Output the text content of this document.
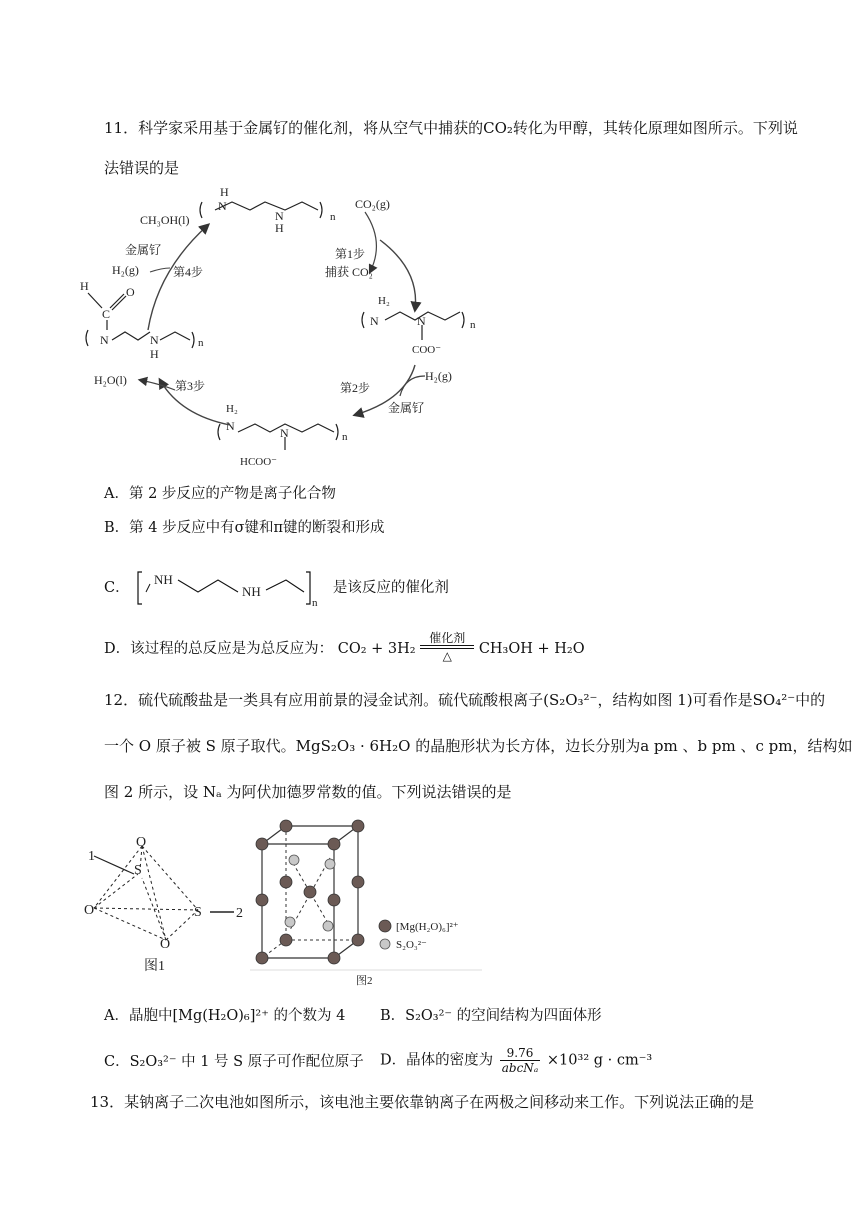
11．科学家采用基于金属钌的催化剂，将从空气中捕获的CO₂转化为甲醇，其转化原理如图所示。下列说
法错误的是
H
N
N
H
n
CO₂(g)
第1步
捕获 CO₂
H₂
N	N	n
COO⁻
H₂(g)
第2步
金属钌
H₂
N	N	n
HCOO⁻
H₂O(l)	第3步
H
C
O
N	N
H
n
CH₃OH(l)
金属钌
H₂(g)	第4步
A．第 2 步反应的产物是离子化合物
B．第 4 步反应中有σ键和π键的断裂和形成
C．
NH
NH
n
是该反应的催化剂
D．该过程的总反应是为总反应为： CO₂ + 3H₂
催化剂
△	CH₃OH + H₂O
12．硫代硫酸盐是一类具有应用前景的浸金试剂。硫代硫酸根离子(S₂O₃²⁻，结构如图 1)可看作是SO₄²⁻中的
一个 O 原子被 S 原子取代。MgS₂O₃ · 6H₂O 的晶胞形状为长方体，边长分别为a pm 、b pm 、c pm，结构如
图 2 所示，设 Nₐ 为阿伏加德罗常数的值。下列说法错误的是
O
1
S
O	S 2
O
图1
[Mg(H₂O)₆]²⁺
S₂O₃²⁻
图2
A．晶胞中[Mg(H₂O)₆]²⁺ 的个数为 4 B．S₂O₃²⁻ 的空间结构为四面体形
C．S₂O₃²⁻ 中 1 号 S 原子可作配位原子 D．晶体的密度为 $\frac{9.76}{\text{abcNₐ}} \times 10^{32}$ g · cm⁻³
13．某钠离子二次电池如图所示，该电池主要依靠钠离子在两极之间移动来工作。下列说法正确的是
